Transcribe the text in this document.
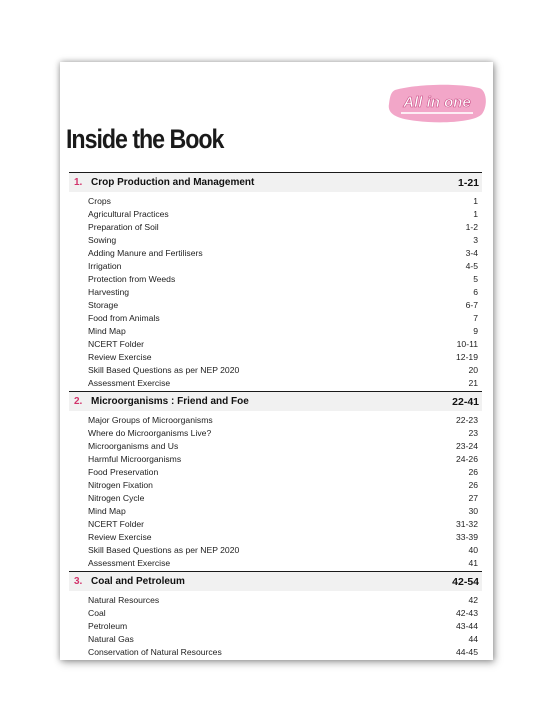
All in one
Inside the Book
1. Crop Production and Management	1-21
Crops	1
Agricultural Practices	1
Preparation of Soil	1-2
Sowing	3
Adding Manure and Fertilisers	3-4
Irrigation	4-5
Protection from Weeds	5
Harvesting	6
Storage	6-7
Food from Animals	7
Mind Map	9
NCERT Folder	10-11
Review Exercise	12-19
Skill Based Questions as per NEP 2020	20
Assessment Exercise	21
2. Microorganisms : Friend and Foe	22-41
Major Groups of Microorganisms	22-23
Where do Microorganisms Live?	23
Microorganisms and Us	23-24
Harmful Microorganisms	24-26
Food Preservation	26
Nitrogen Fixation	26
Nitrogen Cycle	27
Mind Map	30
NCERT Folder	31-32
Review Exercise	33-39
Skill Based Questions as per NEP 2020	40
Assessment Exercise	41
3. Coal and Petroleum	42-54
Natural Resources	42
Coal	42-43
Petroleum	43-44
Natural Gas	44
Conservation of Natural Resources	44-45
